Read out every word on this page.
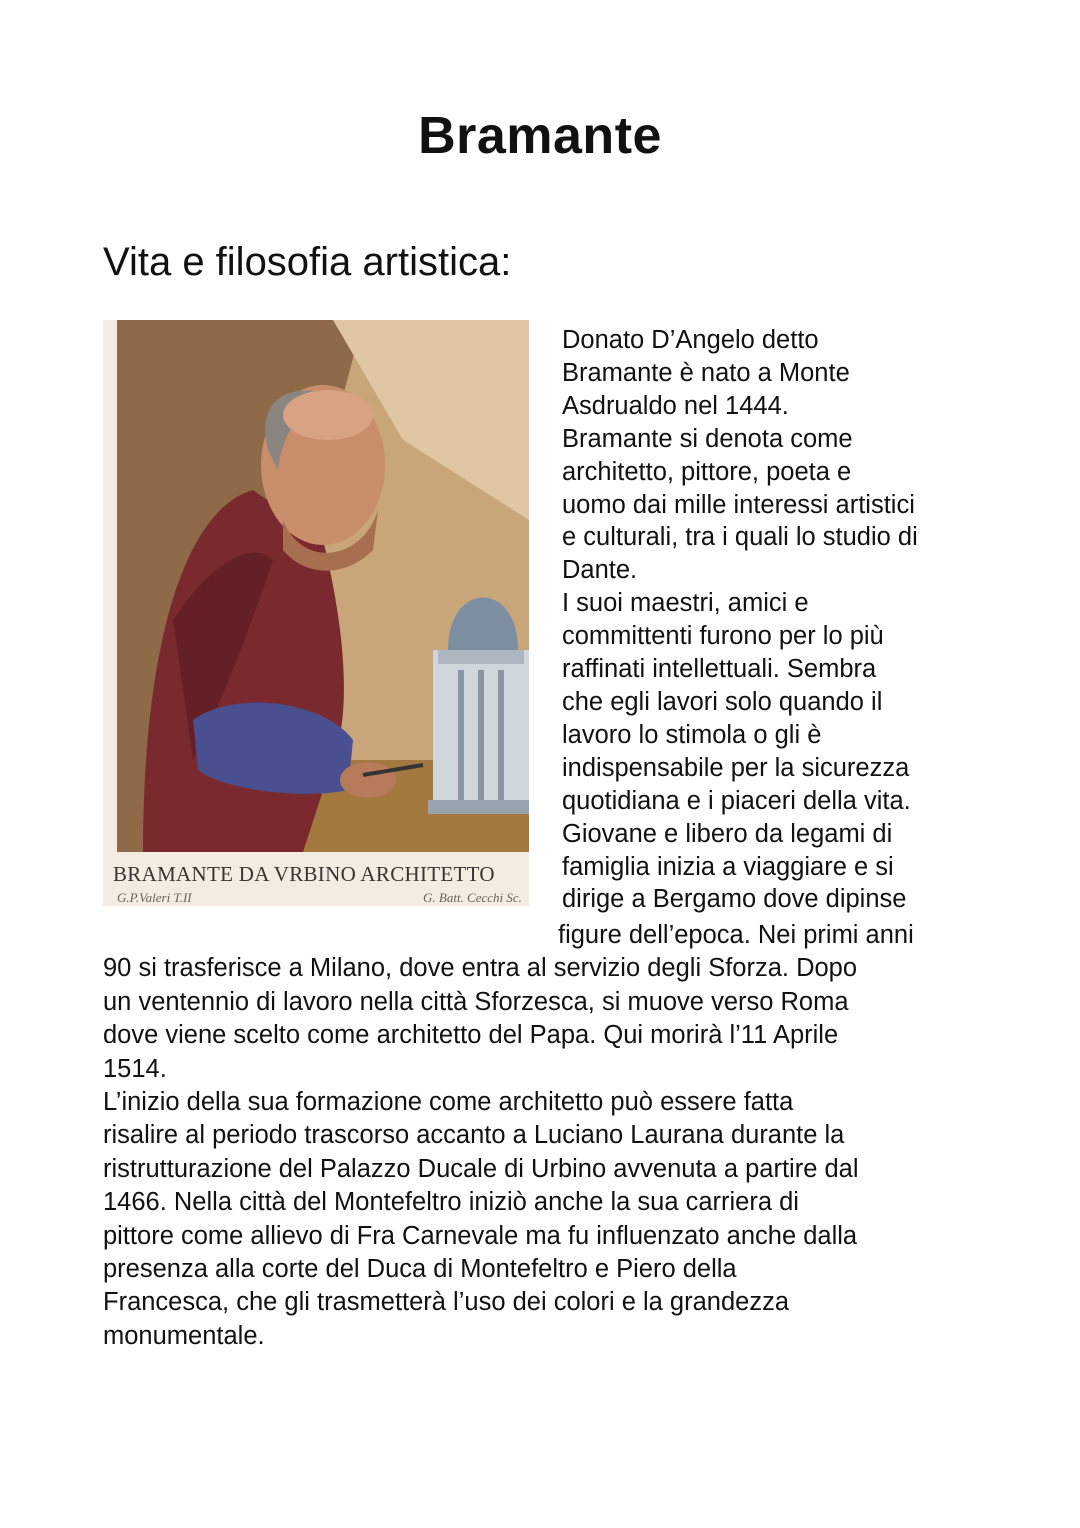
Bramante
Vita e filosofia artistica:
BRAMANTE DA VRBINO ARCHITETTO
G.P.Valeri T.II	G. Batt. Cecchi Sc.
Donato D’Angelo detto
Bramante è nato a Monte
Asdrualdo nel 1444.
Bramante si denota come
architetto, pittore, poeta e
uomo dai mille interessi artistici
e culturali, tra i quali lo studio di
Dante.
I suoi maestri, amici e
committenti furono per lo più
raffinati intellettuali. Sembra
che egli lavori solo quando il
lavoro lo stimola o gli è
indispensabile per la sicurezza
quotidiana e i piaceri della vita.
Giovane e libero da legami di
famiglia inizia a viaggiare e si
dirige a Bergamo dove dipinse
figure dell’epoca. Nei primi anni
90 si trasferisce a Milano, dove entra al servizio degli Sforza. Dopo
un ventennio di lavoro nella città Sforzesca, si muove verso Roma
dove viene scelto come architetto del Papa. Qui morirà l’11 Aprile
1514.
L’inizio della sua formazione come architetto può essere fatta
risalire al periodo trascorso accanto a Luciano Laurana durante la
ristrutturazione del Palazzo Ducale di Urbino avvenuta a partire dal
1466. Nella città del Montefeltro iniziò anche la sua carriera di
pittore come allievo di Fra Carnevale ma fu influenzato anche dalla
presenza alla corte del Duca di Montefeltro e Piero della
Francesca, che gli trasmetterà l’uso dei colori e la grandezza
monumentale.
